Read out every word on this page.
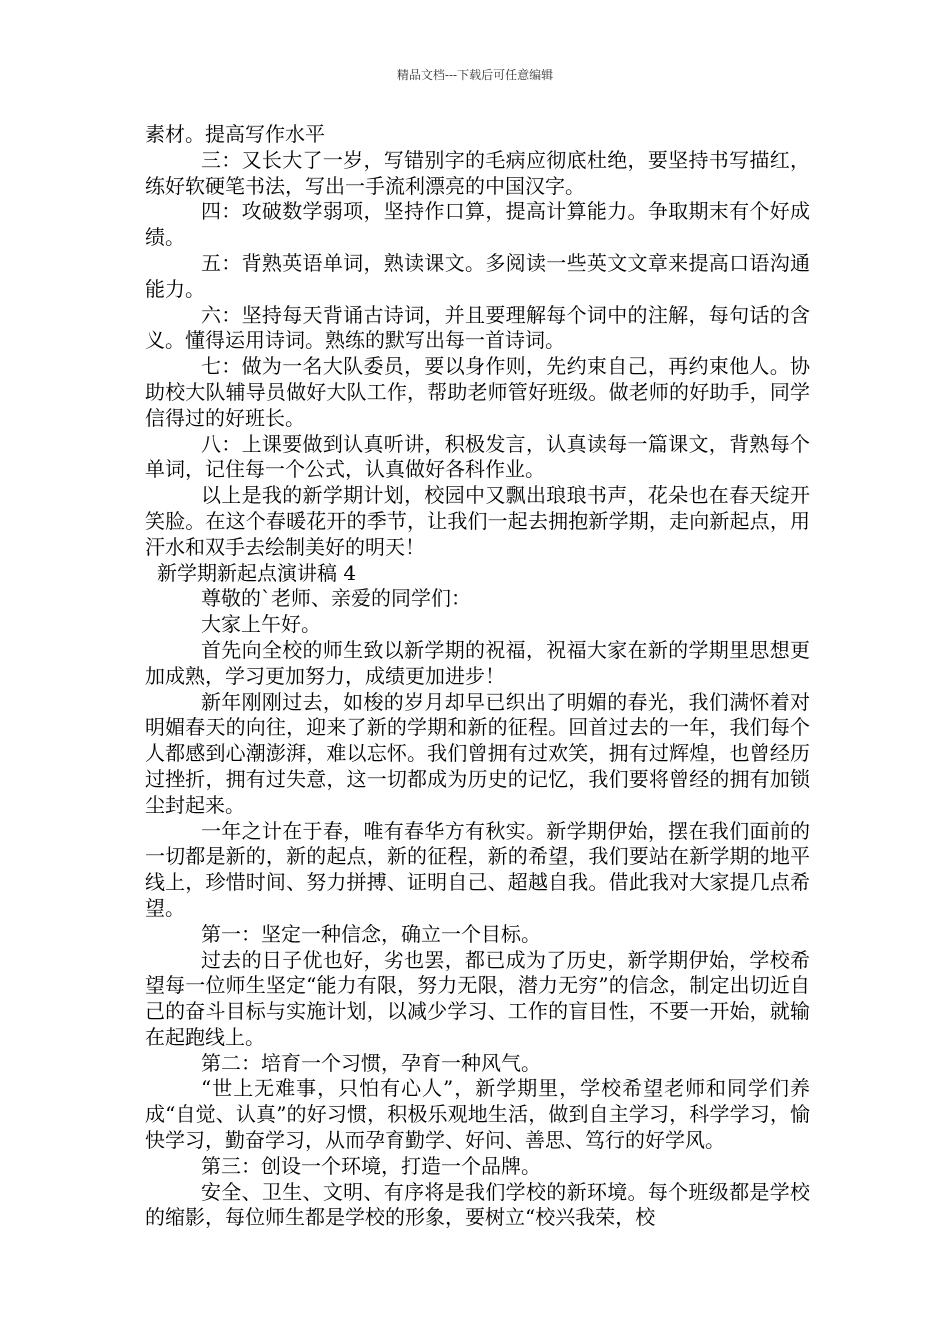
精品文档---下载后可任意编辑

素材。提高写作水平

三：又长大了一岁，写错别字的毛病应彻底杜绝，要坚持书写描红，练好软硬笔书法，写出一手流利漂亮的中国汉字。

四：攻破数学弱项，坚持作口算，提高计算能力。争取期末有个好成绩。

五：背熟英语单词，熟读课文。多阅读一些英文文章来提高口语沟通能力。

六：坚持每天背诵古诗词，并且要理解每个词中的注解，每句话的含义。懂得运用诗词。熟练的默写出每一首诗词。

七：做为一名大队委员，要以身作则，先约束自己，再约束他人。协助校大队辅导员做好大队工作，帮助老师管好班级。做老师的好助手，同学信得过的好班长。

八：上课要做到认真听讲，积极发言，认真读每一篇课文，背熟每个单词，记住每一个公式，认真做好各科作业。

以上是我的新学期计划，校园中又飘出琅琅书声，花朵也在春天绽开笑脸。在这个春暖花开的季节，让我们一起去拥抱新学期，走向新起点，用汗水和双手去绘制美好的明天！

新学期新起点演讲稿 4

尊敬的`老师、亲爱的同学们：

大家上午好。

首先向全校的师生致以新学期的祝福，祝福大家在新的学期里思想更加成熟，学习更加努力，成绩更加进步！

新年刚刚过去，如梭的岁月却早已织出了明媚的春光，我们满怀着对明媚春天的向往，迎来了新的学期和新的征程。回首过去的一年，我们每个人都感到心潮澎湃，难以忘怀。我们曾拥有过欢笑，拥有过辉煌，也曾经历过挫折，拥有过失意，这一切都成为历史的记忆，我们要将曾经的拥有加锁尘封起来。

一年之计在于春，唯有春华方有秋实。新学期伊始，摆在我们面前的一切都是新的，新的起点，新的征程，新的希望，我们要站在新学期的地平线上，珍惜时间、努力拼搏、证明自己、超越自我。借此我对大家提几点希望。

第一：坚定一种信念，确立一个目标。

过去的日子优也好，劣也罢，都已成为了历史，新学期伊始，学校希望每一位师生坚定“能力有限，努力无限，潜力无穷”的信念，制定出切近自己的奋斗目标与实施计划，以减少学习、工作的盲目性，不要一开始，就输在起跑线上。

第二：培育一个习惯，孕育一种风气。

“世上无难事，只怕有心人”，新学期里，学校希望老师和同学们养成“自觉、认真”的好习惯，积极乐观地生活，做到自主学习，科学学习，愉快学习，勤奋学习，从而孕育勤学、好问、善思、笃行的好学风。

第三：创设一个环境，打造一个品牌。

安全、卫生、文明、有序将是我们学校的新环境。每个班级都是学校的缩影，每位师生都是学校的形象，要树立“校兴我荣，校
